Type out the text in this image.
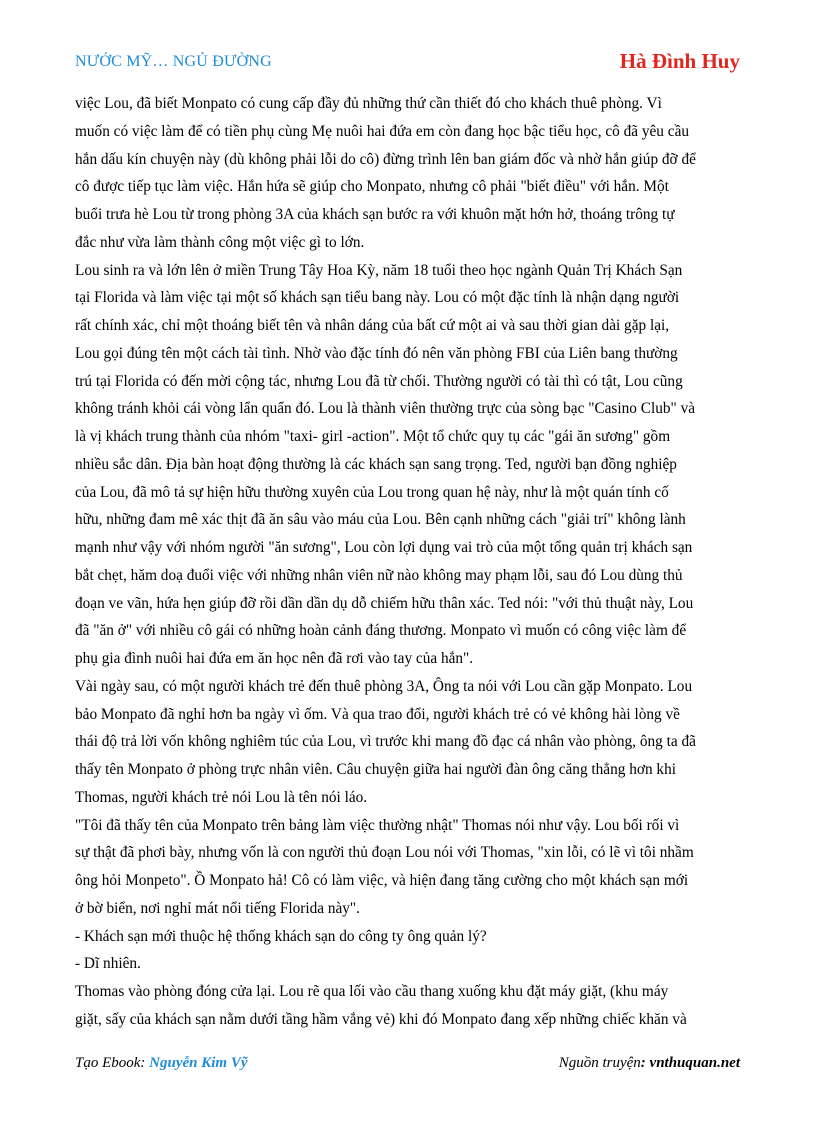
NƯỚC MỸ… NGỦ ĐƯỜNG	Hà Đình Huy
việc Lou, đã biết Monpato có cung cấp đầy đủ những thứ cần thiết đó cho khách thuê phòng. Vì
muốn có việc làm để có tiền phụ cùng Mẹ nuôi hai đứa em còn đang học bậc tiểu học, cô đã yêu cầu
hắn dấu kín chuyện này (dù không phải lỗi do cô) đừng trình lên ban giám đốc và nhờ hắn giúp đỡ để
cô được tiếp tục làm việc. Hắn hứa sẽ giúp cho Monpato, nhưng cô phải "biết điều" với hắn. Một
buổi trưa hè Lou từ trong phòng 3A của khách sạn bước ra với khuôn mặt hớn hở, thoáng trông tự
đắc như vừa làm thành công một việc gì to lớn.
Lou sinh ra và lớn lên ở miền Trung Tây Hoa Kỳ, năm 18 tuổi theo học ngành Quản Trị Khách Sạn
tại Florida và làm việc tại một số khách sạn tiểu bang này. Lou có một đặc tính là nhận dạng người
rất chính xác, chỉ một thoáng biết tên và nhân dáng của bất cứ một ai và sau thời gian dài gặp lại,
Lou gọi đúng tên một cách tài tình. Nhờ vào đặc tính đó nên văn phòng FBI của Liên bang thường
trú tại Florida có đến mời cộng tác, nhưng Lou đã từ chối. Thường người có tài thì có tật, Lou cũng
không tránh khỏi cái vòng lẩn quẩn đó. Lou là thành viên thường trực của sòng bạc "Casino Club" và
là vị khách trung thành của nhóm "taxi- girl -action". Một tổ chức quy tụ các "gái ăn sương" gồm
nhiều sắc dân. Địa bàn hoạt động thường là các khách sạn sang trọng. Ted, người bạn đồng nghiệp
của Lou, đã mô tả sự hiện hữu thường xuyên của Lou trong quan hệ này, như là một quán tính cố
hữu, những đam mê xác thịt đã ăn sâu vào máu của Lou. Bên cạnh những cách "giải trí" không lành
mạnh như vậy với nhóm người "ăn sương", Lou còn lợi dụng vai trò của một tổng quản trị khách sạn
bắt chẹt, hăm doạ đuổi việc với những nhân viên nữ nào không may phạm lỗi, sau đó Lou dùng thủ
đoạn ve vãn, hứa hẹn giúp đỡ rồi dần dần dụ dỗ chiếm hữu thân xác. Ted nói: "với thủ thuật này, Lou
đã "ăn ở" với nhiều cô gái có những hoàn cảnh đáng thương. Monpato vì muốn có công việc làm để
phụ gia đình nuôi hai đứa em ăn học nên đã rơi vào tay của hắn".
Vài ngày sau, có một người khách trẻ đến thuê phòng 3A, Ông ta nói với Lou cần gặp Monpato. Lou
bảo Monpato đã nghỉ hơn ba ngày vì ốm. Và qua trao đổi, người khách trẻ có vẻ không hài lòng về
thái độ trả lời vốn không nghiêm túc của Lou, vì trước khi mang đồ đạc cá nhân vào phòng, ông ta đã
thấy tên Monpato ở phòng trực nhân viên. Câu chuyện giữa hai người đàn ông căng thẳng hơn khi
Thomas, người khách trẻ nói Lou là tên nói láo.
"Tôi đã thấy tên của Monpato trên bảng làm việc thường nhật" Thomas nói như vậy. Lou bối rối vì
sự thật đã phơi bày, nhưng vốn là con người thủ đoạn Lou nói với Thomas, "xin lỗi, có lẽ vì tôi nhầm
ông hỏi Monpeto". Ồ Monpato hả! Cô có làm việc, và hiện đang tăng cường cho một khách sạn mới
ở bờ biển, nơi nghỉ mát nổi tiếng Florida này".
- Khách sạn mới thuộc hệ thống khách sạn do công ty ông quản lý?
- Dĩ nhiên.
Thomas vào phòng đóng cửa lại. Lou rẽ qua lối vào cầu thang xuống khu đặt máy giặt, (khu máy
giặt, sấy của khách sạn nằm dưới tầng hầm vắng vẻ) khi đó Monpato đang xếp những chiếc khăn và
Tạo Ebook: Nguyễn Kim Vỹ	Nguồn truyện: vnthuquan.net
